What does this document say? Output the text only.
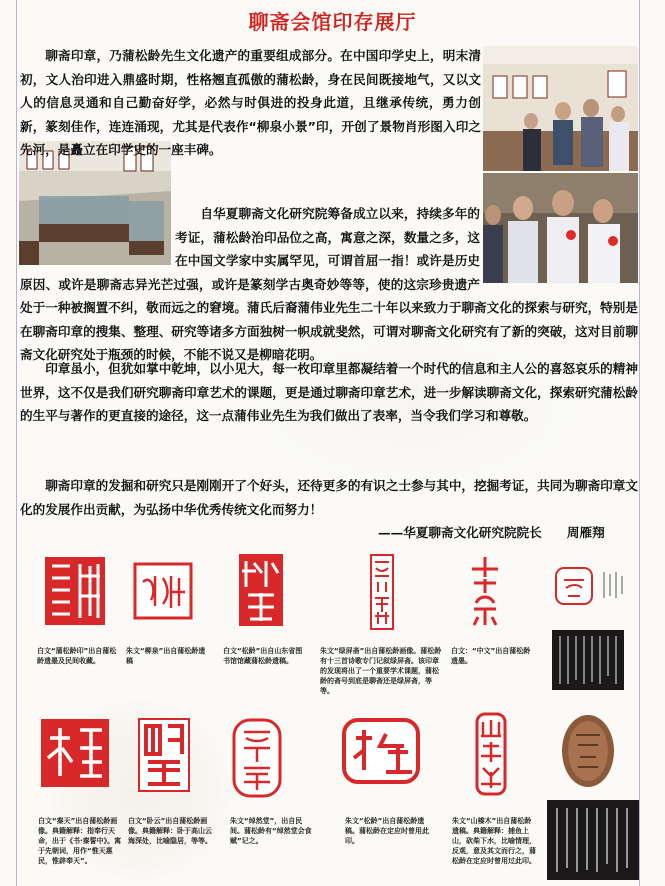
聊斋会馆印存展厅

聊斋印章，乃蒲松龄先生文化遗产的重要组成部分。在中国印学史上，明末清初，文人治印进入鼎盛时期，性格翘直孤傲的蒲松龄，身在民间既接地气，又以文人的信息灵通和自己勤奋好学，必然与时俱进的投身此道，且继承传统，勇力创新，篆刻佳作，连连涌现，尤其是代表作“柳泉小景”印，开创了景物肖形图入印之先河，是矗立在印学史的一座丰碑。

自华夏聊斋文化研究院筹备成立以来，持续多年的考证，蒲松龄治印品位之高，寓意之深，数量之多，这在中国文学家中实属罕见，可谓首屈一指！或许是历史原因、或许是聊斋志异光芒过强，或许是篆刻学古奥奇妙等等，使的这宗珍贵遗产处于一种被搁置不纠，敬而远之的窘境。蒲氏后裔蒲伟业先生二十年以来致力于聊斋文化的探索与研究，特别是在聊斋印章的搜集、整理、研究等诸多方面独树一帜成就斐然，可谓对聊斋文化研究有了新的突破，这对目前聊斋文化研究处于瓶颈的时候，不能不说又是柳暗花明。

印章虽小，但犹如掌中乾坤，以小见大，每一枚印章里都凝结着一个时代的信息和主人公的喜怒哀乐的精神世界，这不仅是我们研究聊斋印章艺术的课题，更是通过聊斋印章艺术，进一步解读聊斋文化，探索研究蒲松龄的生平与著作的更直接的途径，这一点蒲伟业先生为我们做出了表率，当令我们学习和尊敬。

聊斋印章的发掘和研究只是刚刚开了个好头，还待更多的有识之士参与其中，挖掘考证，共同为聊斋印章文化的发展作出贡献，为弘扬中华优秀传统文化而努力！

——华夏聊斋文化研究院院长　　周雁翔
白文“蒲松龄印”出自蒲松龄遗墨及民间收藏。
朱文“柳泉”出自蒲松龄遗稿
白文“松龄”出自山东省图书馆馆藏蒲松龄遗稿。
朱文“绿屏斋”出自蒲松龄画像。蒲松龄有十三首诗歌专门记叙绿屏斋。该印章的发现将出了一个重要学术课题，蒲松龄的斋号到底是聊斋还是绿屏斋，等等。
白文：“中文”出自蒲松龄遗墨。
白文“秦天”出自蒲松龄画像。典籍解释：指奉行天命，出于《书·秦誓中》。寓于先朝词，用作“惟天惠民，惟辟奉天”。
白文“卧云”出自蒲松龄画像。典籍解释：卧于高山云海深处，比喻隐居，等等。
朱文“绰然堂”，出自民间。蒲松龄有“绰然堂会食赋”记之。
朱文“松龄”出自蒲松龄遗稿。蒲松龄在定应时曾用此印。
朱文“山榛木”出自蒲松龄遗稿。典籍解释：捕鱼上山，砍柴下水，比喻情理，反观，意及其文而行之，蒲松龄在定应时曾用过此印。
